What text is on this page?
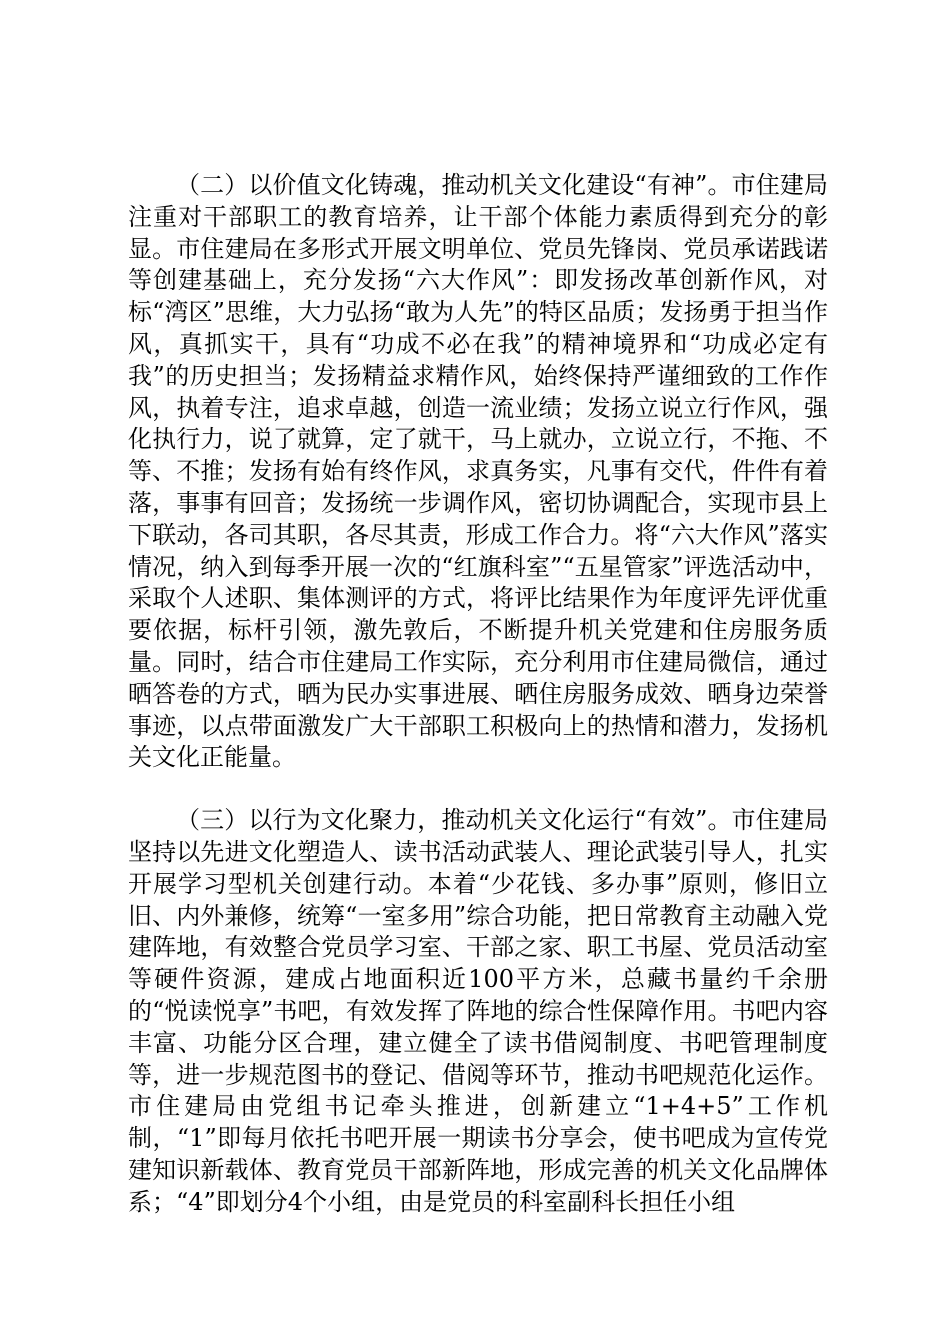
（二）以价值文化铸魂，推动机关文化建设“有神”。市住建局注重对干部职工的教育培养，让干部个体能力素质得到充分的彰显。市住建局在多形式开展文明单位、党员先锋岗、党员承诺践诺等创建基础上，充分发扬“六大作风”：即发扬改革创新作风，对标“湾区”思维，大力弘扬“敢为人先”的特区品质；发扬勇于担当作风，真抓实干，具有“功成不必在我”的精神境界和“功成必定有我”的历史担当；发扬精益求精作风，始终保持严谨细致的工作作风，执着专注，追求卓越，创造一流业绩；发扬立说立行作风，强化执行力，说了就算，定了就干，马上就办，立说立行，不拖、不等、不推；发扬有始有终作风，求真务实，凡事有交代，件件有着落，事事有回音；发扬统一步调作风，密切协调配合，实现市县上下联动，各司其职，各尽其责，形成工作合力。将“六大作风”落实情况，纳入到每季开展一次的“红旗科室”“五星管家”评选活动中，采取个人述职、集体测评的方式，将评比结果作为年度评先评优重要依据，标杆引领，激先敦后，不断提升机关党建和住房服务质量。同时，结合市住建局工作实际，充分利用市住建局微信，通过晒答卷的方式，晒为民办实事进展、晒住房服务成效、晒身边荣誉事迹，以点带面激发广大干部职工积极向上的热情和潜力，发扬机关文化正能量。

（三）以行为文化聚力，推动机关文化运行“有效”。市住建局坚持以先进文化塑造人、读书活动武装人、理论武装引导人，扎实开展学习型机关创建行动。本着“少花钱、多办事”原则，修旧立旧、内外兼修，统筹“一室多用”综合功能，把日常教育主动融入党建阵地，有效整合党员学习室、干部之家、职工书屋、党员活动室等硬件资源，建成占地面积近100平方米，总藏书量约千余册的“悦读悦享”书吧，有效发挥了阵地的综合性保障作用。书吧内容丰富、功能分区合理，建立健全了读书借阅制度、书吧管理制度等，进一步规范图书的登记、借阅等环节，推动书吧规范化运作。市住建局由党组书记牵头推进，创新建立“1+4+5”工作机制，“1”即每月依托书吧开展一期读书分享会，使书吧成为宣传党建知识新载体、教育党员干部新阵地，形成完善的机关文化品牌体系；“4”即划分4个小组，由是党员的科室副科长担任小组
